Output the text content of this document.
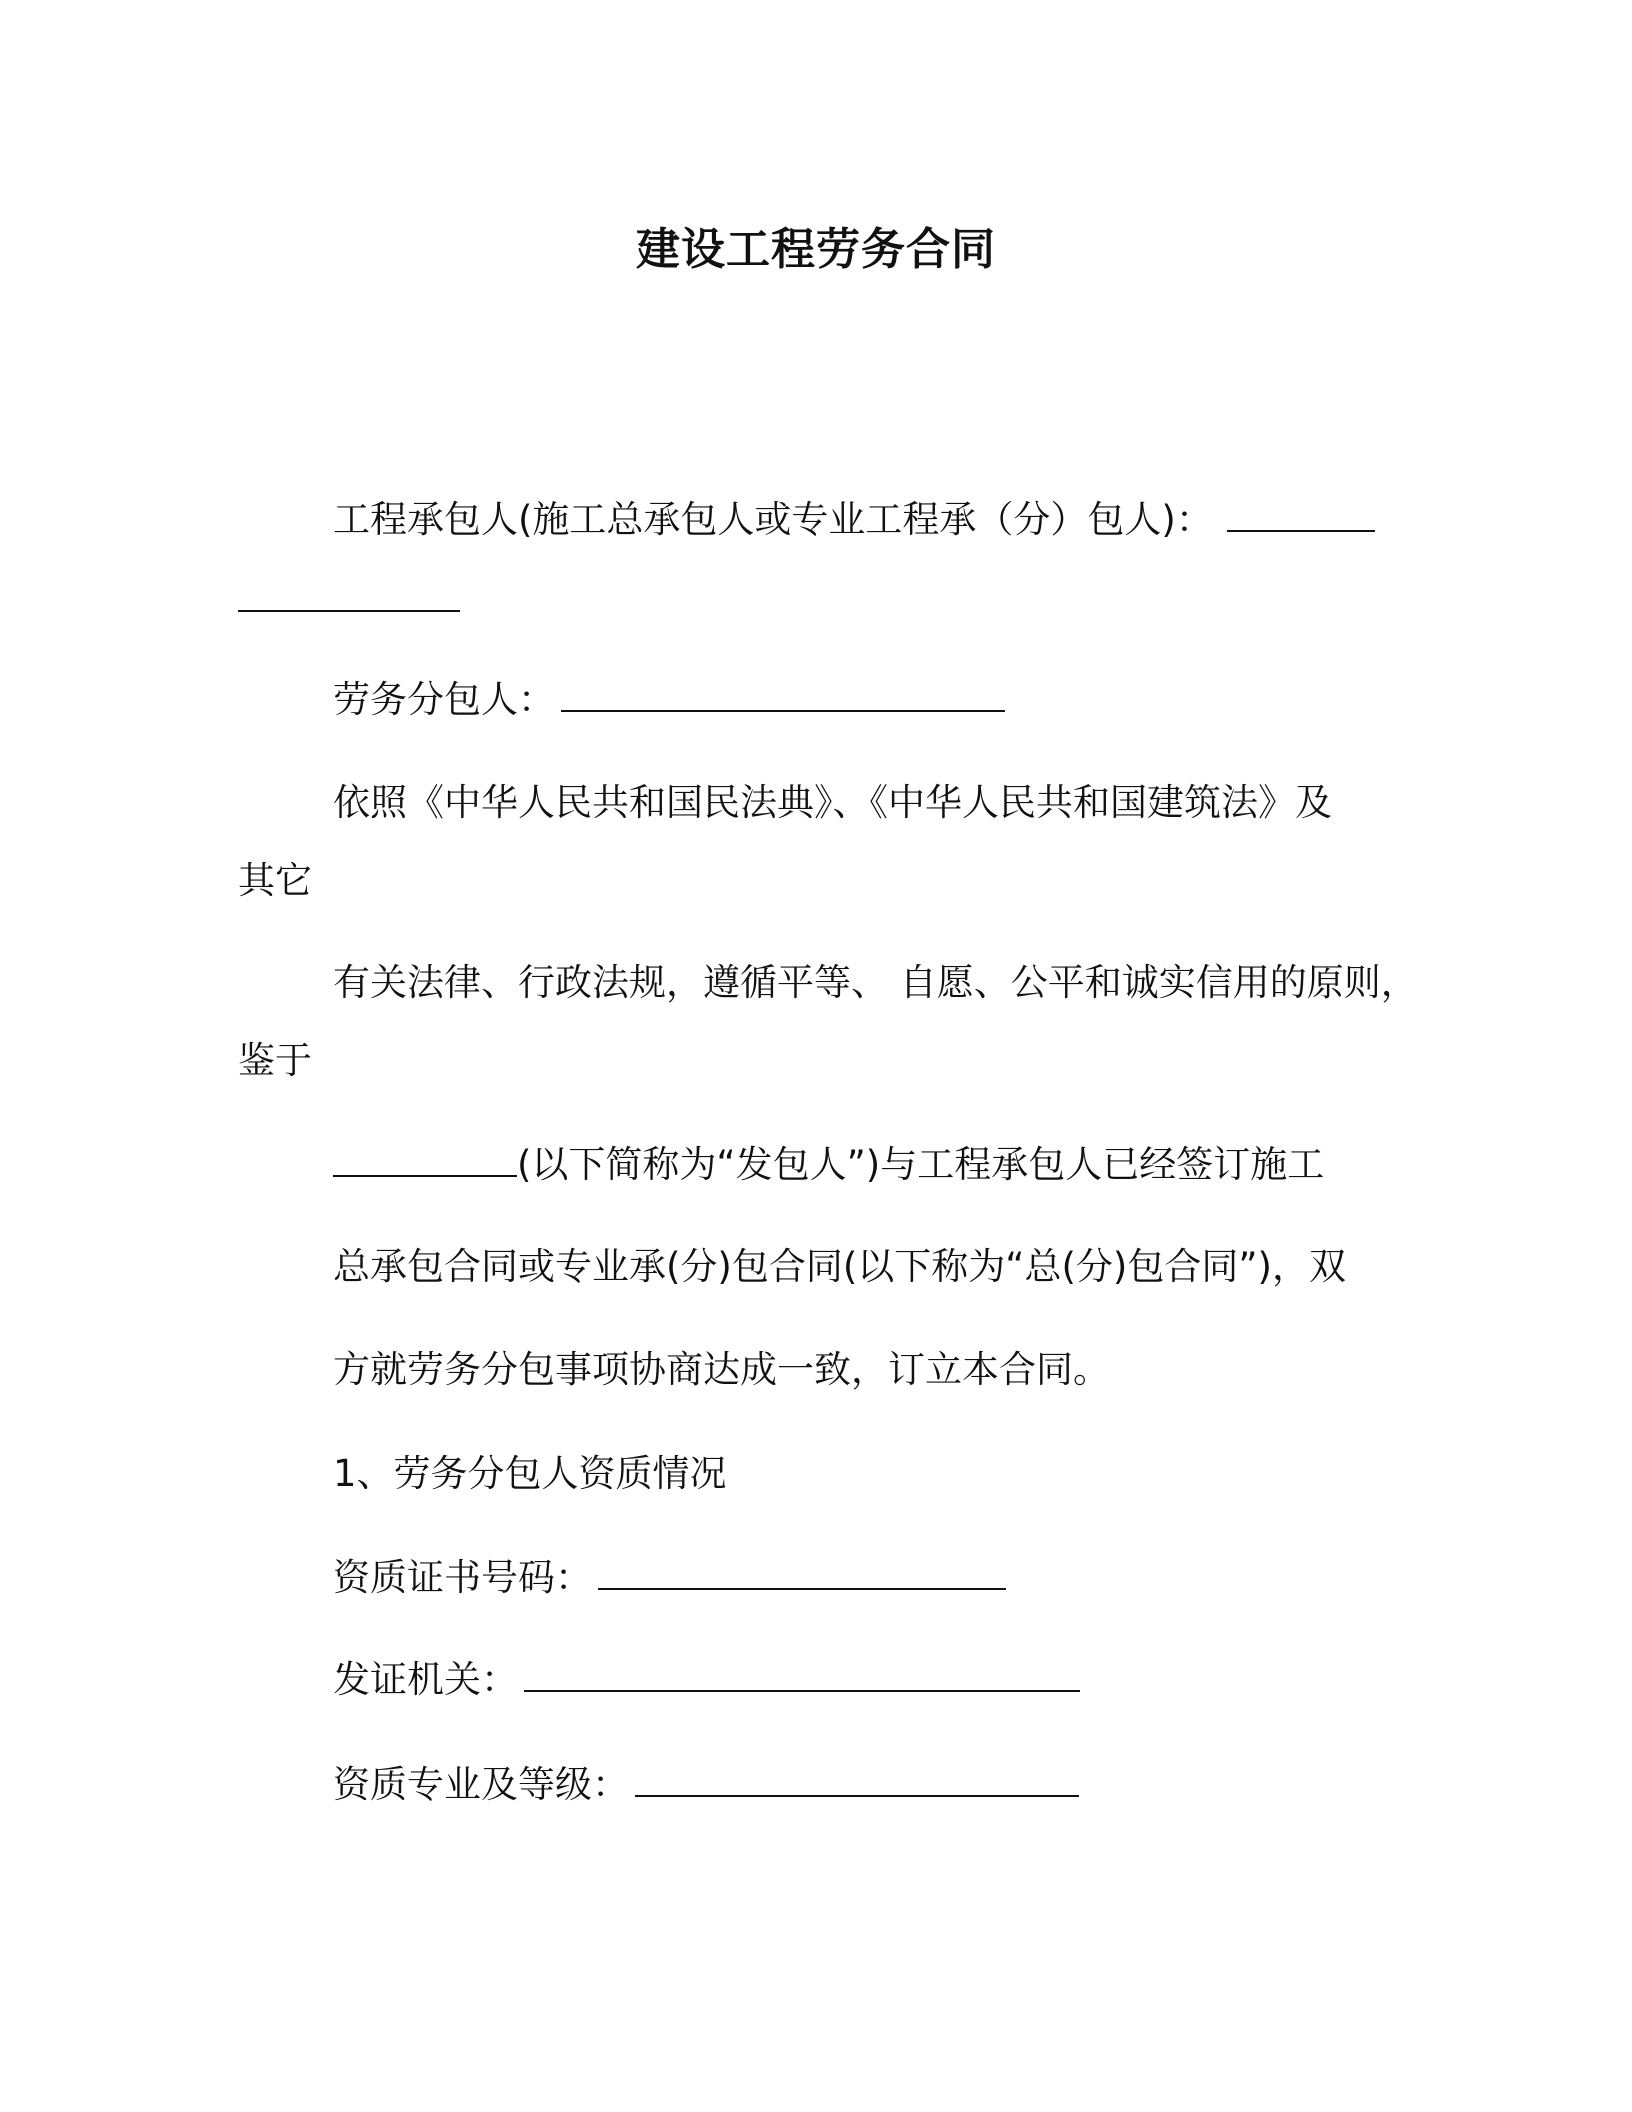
建设工程劳务合同
工程承包人(施工总承包人或专业工程承（分）包人)：
劳务分包人：
依照《中华人民共和国民法典》、《中华人民共和国建筑法》及
其它
有关法律、行政法规，遵循平等、 自愿、公平和诚实信用的原则，
鉴于
(以下简称为“发包人”)与工程承包人已经签订施工
总承包合同或专业承(分)包合同(以下称为“总(分)包合同”)，双
方就劳务分包事项协商达成一致，订立本合同。
1、劳务分包人资质情况
资质证书号码：
发证机关：
资质专业及等级：
